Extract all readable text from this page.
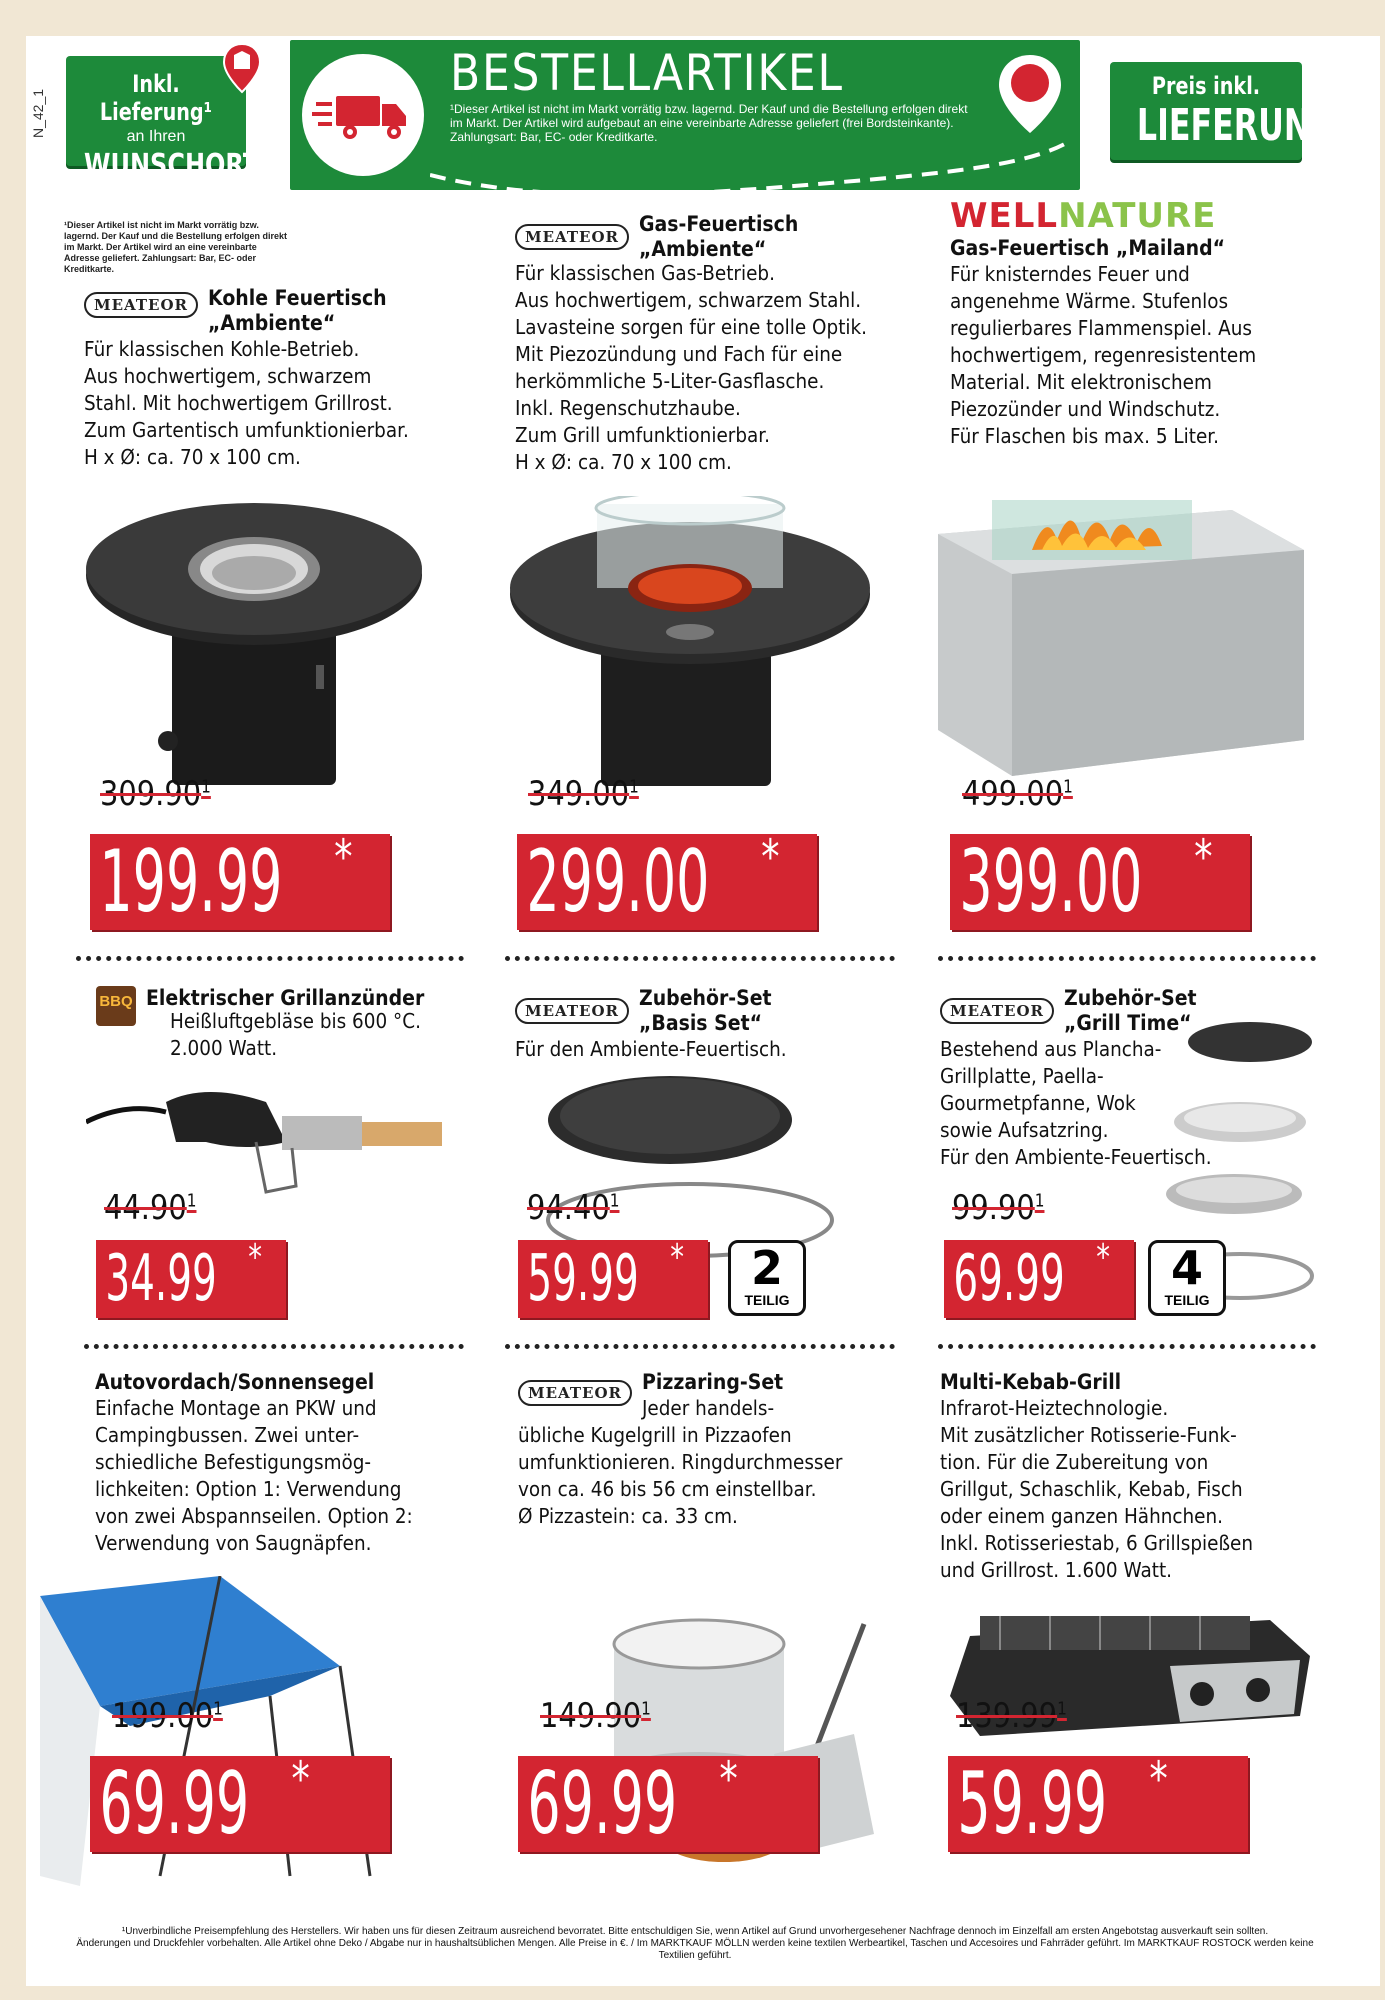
N_42_1
Inkl. Lieferung¹
an Ihren
WUNSCHORT
BESTELLARTIKEL
¹Dieser Artikel ist nicht im Markt vorrätig bzw. lagernd. Der Kauf und die Bestellung erfolgen direkt im Markt. Der Artikel wird aufgebaut an eine vereinbarte Adresse geliefert (frei Bordsteinkante). Zahlungsart: Bar, EC- oder Kreditkarte.
Preis inkl.
LIEFERUNG
¹Dieser Artikel ist nicht im Markt vorrätig bzw. lagernd. Der Kauf und die Bestellung erfolgen direkt im Markt. Der Artikel wird an eine vereinbarte Adresse geliefert. Zahlungsart: Bar, EC- oder Kreditkarte.
MEATEOR Kohle Feuertisch
„Ambiente“
Für klassischen Kohle-Betrieb.
Aus hochwertigem, schwarzem
Stahl. Mit hochwertigem Grillrost.
Zum Gartentisch umfunktionierbar.
H x Ø: ca. 70 x 100 cm.
309.90$^1$
199.99 *
MEATEOR
Gas-Feuertisch
„Ambiente“
Für klassischen Gas-Betrieb.
Aus hochwertigem, schwarzem Stahl.
Lavasteine sorgen für eine tolle Optik.
Mit Piezozündung und Fach für eine
herkömmliche 5-Liter-Gasflasche.
Inkl. Regenschutzhaube.
Zum Grill umfunktionierbar.
H x Ø: ca. 70 x 100 cm.
349.00$^1$
299.00 *
WELLNATURE
Gas-Feuertisch „Mailand“
Für knisterndes Feuer und
angenehme Wärme. Stufenlos
regulierbares Flammenspiel. Aus
hochwertigem, regenresistentem
Material. Mit elektronischem
Piezozünder und Windschutz.
Für Flaschen bis max. 5 Liter.
499.00$^1$
399.00 *
BBQ Elektrischer Grillanzünder
Heißluftgebläse bis 600 °C.
2.000 Watt.
44.90$^1$
34.99 *
MEATEOR
Zubehör-Set
„Basis Set“
Für den Ambiente-Feuertisch.
94.40$^1$
59.99 *	2
TEILIG
MEATEOR
Zubehör-Set
„Grill Time“
Bestehend aus Plancha-
Grillplatte, Paella-
Gourmetpfanne, Wok
sowie Aufsatzring.
Für den Ambiente-Feuertisch.
99.90$^1$
69.99 *	4
TEILIG
Autovordach/Sonnensegel
Einfache Montage an PKW und
Campingbussen. Zwei unter-
schiedliche Befestigungsmög-
lichkeiten: Option 1: Verwendung
von zwei Abspannseilen. Option 2:
Verwendung von Saugnäpfen.
199.00$^1$
69.99 *
MEATEOR Pizzaring-Set
Jeder handels-
übliche Kugelgrill in Pizzaofen
umfunktionieren. Ringdurchmesser
von ca. 46 bis 56 cm einstellbar.
Ø Pizzastein: ca. 33 cm.
149.90$^1$
69.99 *
Multi-Kebab-Grill
Infrarot-Heiztechnologie.
Mit zusätzlicher Rotisserie-Funk-
tion. Für die Zubereitung von
Grillgut, Schaschlik, Kebab, Fisch
oder einem ganzen Hähnchen.
Inkl. Rotisseriestab, 6 Grillspießen
und Grillrost. 1.600 Watt.
139.99$^1$
59.99 *
¹Unverbindliche Preisempfehlung des Herstellers. Wir haben uns für diesen Zeitraum ausreichend bevorratet. Bitte entschuldigen Sie, wenn Artikel auf Grund unvorhergesehener Nachfrage dennoch im Einzelfall am ersten Angebotstag ausverkauft sein sollten.
Änderungen und Druckfehler vorbehalten. Alle Artikel ohne Deko / Abgabe nur in haushaltsüblichen Mengen. Alle Preise in €. / Im MARKTKAUF MÖLLN werden keine textilen Werbeartikel, Taschen und Accesoires und Fahrräder geführt. Im MARKTKAUF ROSTOCK werden keine Textilien geführt.
